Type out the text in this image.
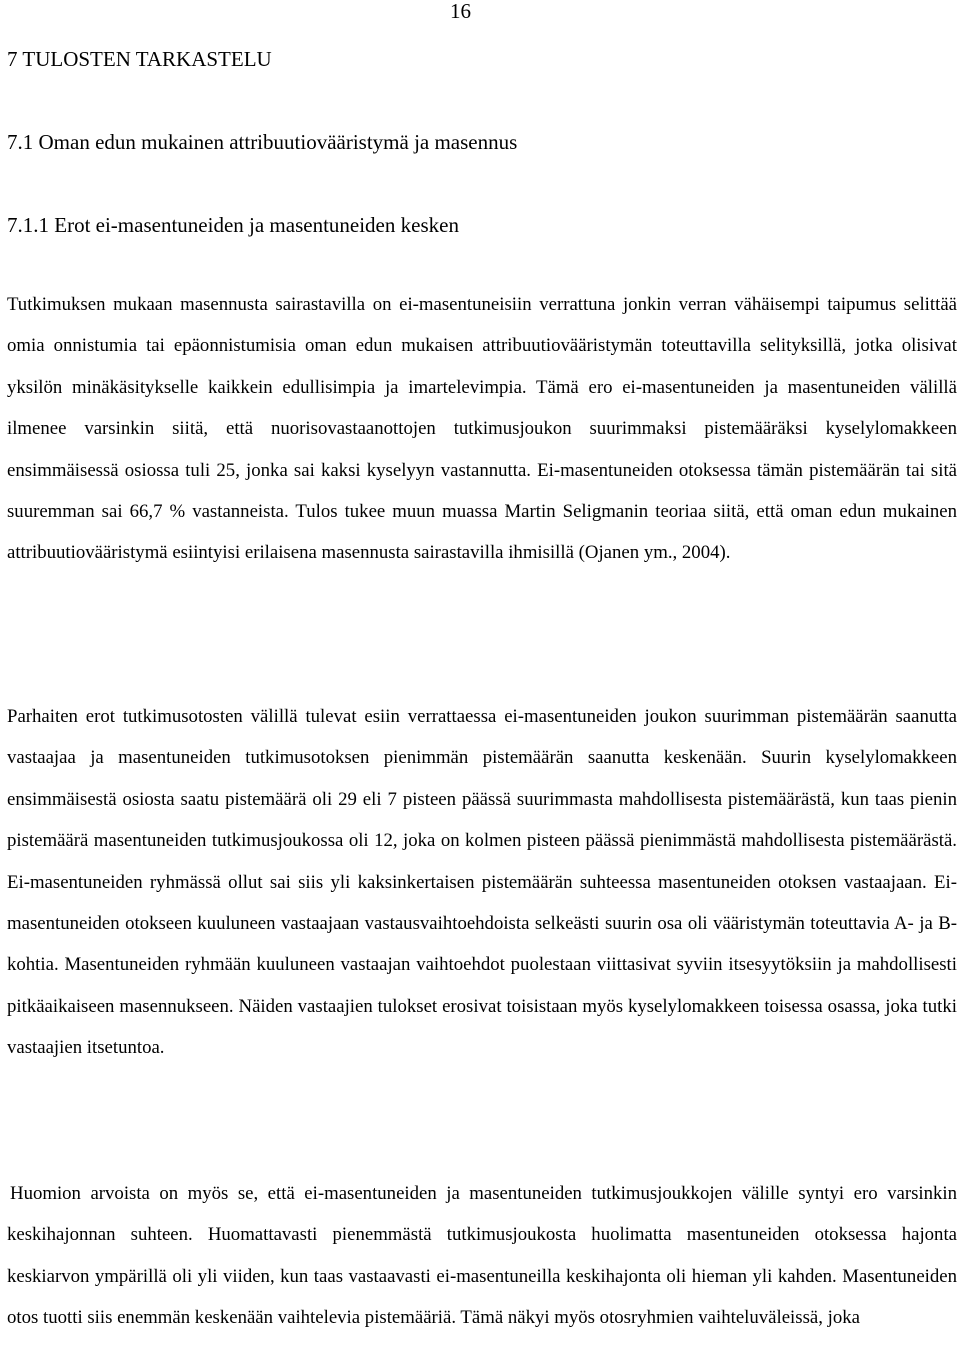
16
7 TULOSTEN TARKASTELU
7.1 Oman edun mukainen attribuutiovääristymä ja masennus
7.1.1 Erot ei-masentuneiden ja masentuneiden kesken

Tutkimuksen mukaan masennusta sairastavilla on ei-masentuneisiin verrattuna jonkin verran vähäisempi taipumus selittää omia onnistumia tai epäonnistumisia oman edun mukaisen attribuutiovääristymän toteuttavilla selityksillä, jotka olisivat yksilön minäkäsitykselle kaikkein edullisimpia ja imartelevimpia. Tämä ero ei-masentuneiden ja masentuneiden välillä ilmenee varsinkin siitä, että nuorisovastaanottojen tutkimusjoukon suurimmaksi pistemääräksi kyselylomakkeen ensimmäisessä osiossa tuli 25, jonka sai kaksi kyselyyn vastannutta. Ei-masentuneiden otoksessa tämän pistemäärän tai sitä suuremman sai 66,7 % vastanneista. Tulos tukee muun muassa Martin Seligmanin teoriaa siitä, että oman edun mukainen attribuutiovääristymä esiintyisi erilaisena masennusta sairastavilla ihmisillä (Ojanen ym., 2004).

Parhaiten erot tutkimusotosten välillä tulevat esiin verrattaessa ei-masentuneiden joukon suurimman pistemäärän saanutta vastaajaa ja masentuneiden tutkimusotoksen pienimmän pistemäärän saanutta keskenään. Suurin kyselylomakkeen ensimmäisestä osiosta saatu pistemäärä oli 29 eli 7 pisteen päässä suurimmasta mahdollisesta pistemäärästä, kun taas pienin pistemäärä masentuneiden tutkimusjoukossa oli 12, joka on kolmen pisteen päässä pienimmästä mahdollisesta pistemäärästä. Ei-masentuneiden ryhmässä ollut sai siis yli kaksinkertaisen pistemäärän suhteessa masentuneiden otoksen vastaajaan. Ei-masentuneiden otokseen kuuluneen vastaajaan vastausvaihtoehdoista selkeästi suurin osa oli vääristymän toteuttavia A- ja B- kohtia. Masentuneiden ryhmään kuuluneen vastaajan vaihtoehdot puolestaan viittasivat syviin itsesyytöksiin ja mahdollisesti pitkäaikaiseen masennukseen. Näiden vastaajien tulokset erosivat toisistaan myös kyselylomakkeen toisessa osassa, joka tutki vastaajien itsetuntoa.

Huomion arvoista on myös se, että ei-masentuneiden ja masentuneiden tutkimusjoukkojen välille syntyi ero varsinkin keskihajonnan suhteen. Huomattavasti pienemmästä tutkimusjoukosta huolimatta masentuneiden otoksessa hajonta keskiarvon ympärillä oli yli viiden, kun taas vastaavasti ei-masentuneilla keskihajonta oli hieman yli kahden. Masentuneiden otos tuotti siis enemmän keskenään vaihtelevia pistemääriä. Tämä näkyi myös otosryhmien vaihteluväleissä, joka
